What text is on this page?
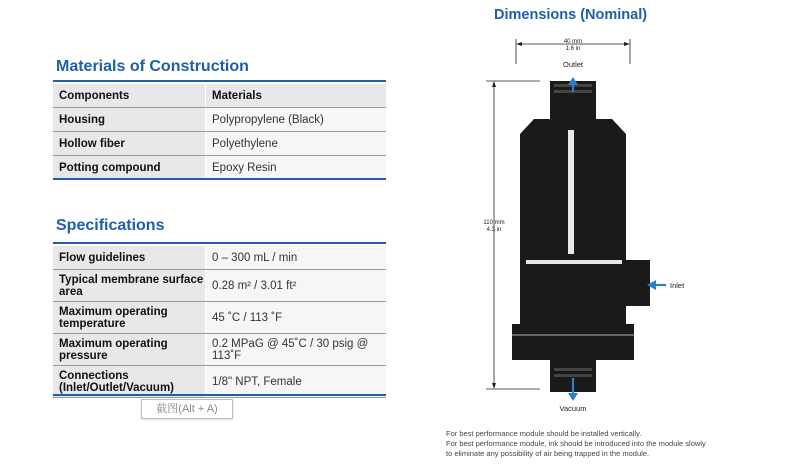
Materials of Construction
Components	Materials
Housing	Polypropylene (Black)
Hollow fiber	Polyethylene
Potting compound	Epoxy Resin
Specifications
Flow guidelines	0 – 300 mL / min
Typical membrane surface area	0.28 m² / 3.01 ft²
Maximum operating temperature	45 ˚C / 113 ˚F
Maximum operating pressure	0.2 MPaG @ 45˚C / 30 psig @ 113˚F
Connections (Inlet/Outlet/Vacuum)	1/8" NPT, Female
截图(Alt + A)
Dimensions (Nominal)
40 mm
1.6 in
110 mm
4.3 in
Outlet
Inlet
Vacuum
For best performance module should be installed vertically.
For best performance module, ink should be introduced into the module slowly
to eliminate any possibility of air being trapped in the module.
